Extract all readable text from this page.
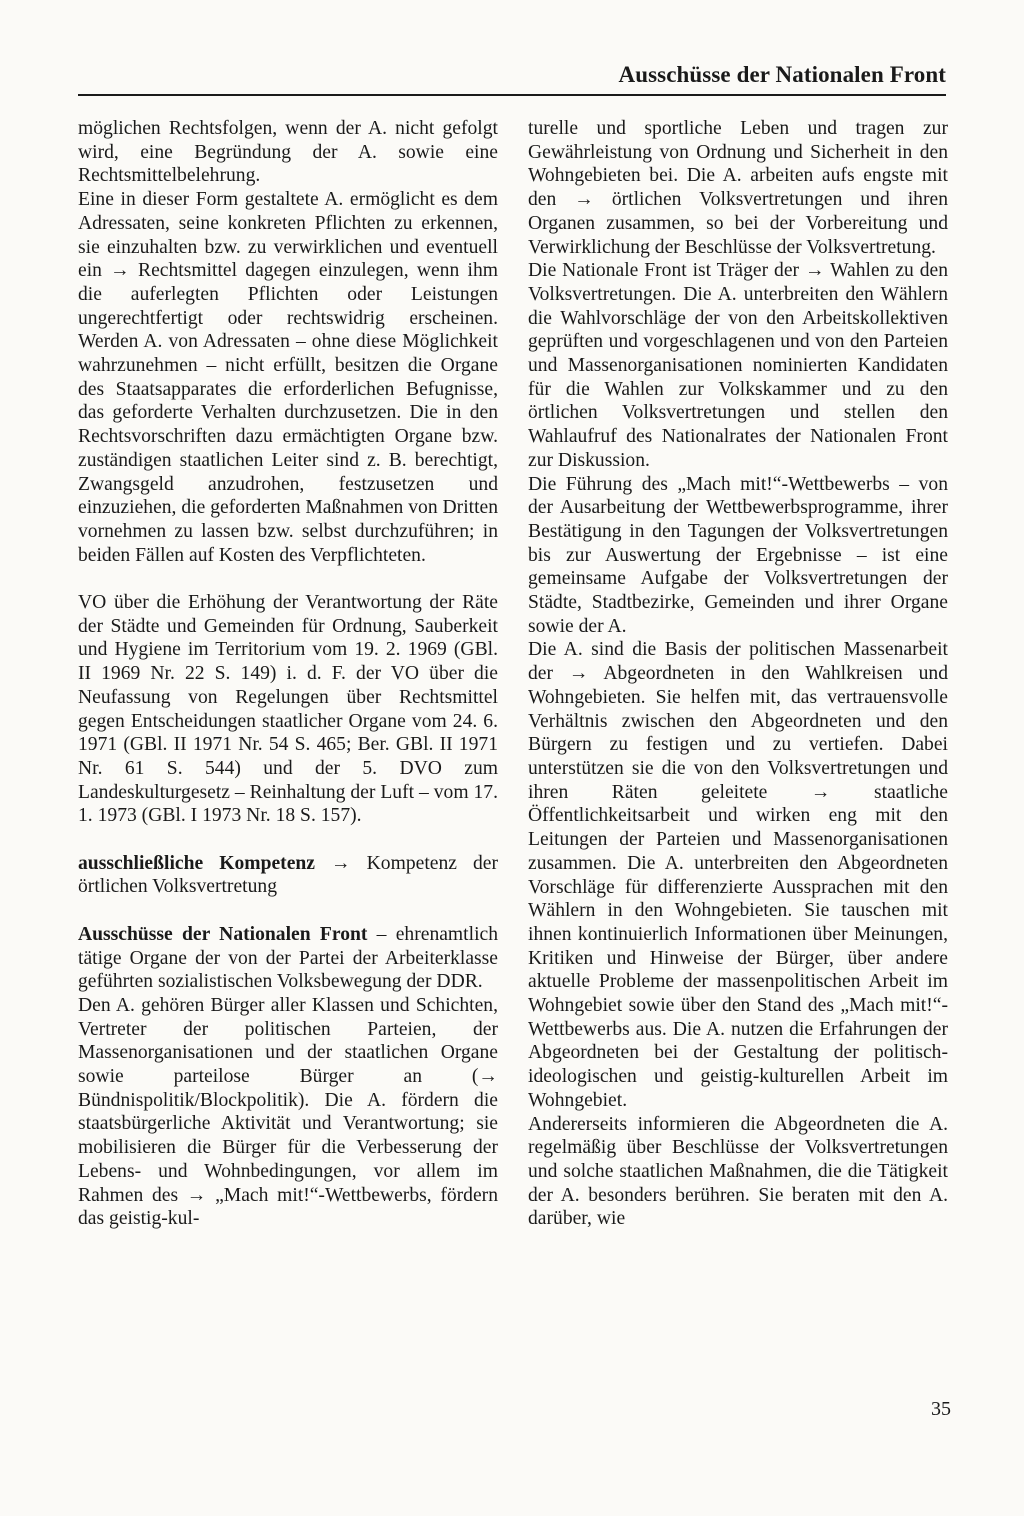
Ausschüsse der Nationalen Front

möglichen Rechtsfolgen, wenn der A. nicht gefolgt wird, eine Begründung der A. sowie eine Rechtsmittelbelehrung.

Eine in dieser Form gestaltete A. ermöglicht es dem Adressaten, seine konkreten Pflichten zu erkennen, sie einzuhalten bzw. zu verwirklichen und eventuell ein → Rechtsmittel dagegen einzulegen, wenn ihm die auferlegten Pflichten oder Leistungen ungerechtfertigt oder rechtswidrig erscheinen. Werden A. von Adressaten – ohne diese Möglichkeit wahrzunehmen – nicht erfüllt, besitzen die Organe des Staatsapparates die erforderlichen Befugnisse, das geforderte Verhalten durchzusetzen. Die in den Rechtsvorschriften dazu ermächtigten Organe bzw. zuständigen staatlichen Leiter sind z. B. berechtigt, Zwangsgeld anzudrohen, festzusetzen und einzuziehen, die geforderten Maßnahmen von Dritten vornehmen zu lassen bzw. selbst durchzuführen; in beiden Fällen auf Kosten des Verpflichteten.

VO über die Erhöhung der Verantwortung der Räte der Städte und Gemeinden für Ordnung, Sauberkeit und Hygiene im Territorium vom 19. 2. 1969 (GBl. II 1969 Nr. 22 S. 149) i. d. F. der VO über die Neufassung von Regelungen über Rechtsmittel gegen Entscheidungen staatlicher Organe vom 24. 6. 1971 (GBl. II 1971 Nr. 54 S. 465; Ber. GBl. II 1971 Nr. 61 S. 544) und der 5. DVO zum Landeskulturgesetz – Reinhaltung der Luft – vom 17. 1. 1973 (GBl. I 1973 Nr. 18 S. 157).

ausschließliche Kompetenz → Kompetenz der örtlichen Volksvertretung

Ausschüsse der Nationalen Front – ehrenamtlich tätige Organe der von der Partei der Arbeiterklasse geführten sozialistischen Volksbewegung der DDR.

Den A. gehören Bürger aller Klassen und Schichten, Vertreter der politischen Parteien, der Massenorganisationen und der staatlichen Organe sowie parteilose Bürger an (→ Bündnispolitik/Blockpolitik). Die A. fördern die staatsbürgerliche Aktivität und Verantwortung; sie mobilisieren die Bürger für die Verbesserung der Lebens- und Wohnbedingungen, vor allem im Rahmen des → „Mach mit!“-Wettbewerbs, fördern das geistig-kul-

turelle und sportliche Leben und tragen zur Gewährleistung von Ordnung und Sicherheit in den Wohngebieten bei. Die A. arbeiten aufs engste mit den → örtlichen Volksvertretungen und ihren Organen zusammen, so bei der Vorbereitung und Verwirklichung der Beschlüsse der Volksvertretung.

Die Nationale Front ist Träger der → Wahlen zu den Volksvertretungen. Die A. unterbreiten den Wählern die Wahlvorschläge der von den Arbeitskollektiven geprüften und vorgeschlagenen und von den Parteien und Massenorganisationen nominierten Kandidaten für die Wahlen zur Volkskammer und zu den örtlichen Volksvertretungen und stellen den Wahlaufruf des Nationalrates der Nationalen Front zur Diskussion.

Die Führung des „Mach mit!“-Wettbewerbs – von der Ausarbeitung der Wettbewerbsprogramme, ihrer Bestätigung in den Tagungen der Volksvertretungen bis zur Auswertung der Ergebnisse – ist eine gemeinsame Aufgabe der Volksvertretungen der Städte, Stadtbezirke, Gemeinden und ihrer Organe sowie der A.

Die A. sind die Basis der politischen Massenarbeit der → Abgeordneten in den Wahlkreisen und Wohngebieten. Sie helfen mit, das vertrauensvolle Verhältnis zwischen den Abgeordneten und den Bürgern zu festigen und zu vertiefen. Dabei unterstützen sie die von den Volksvertretungen und ihren Räten geleitete → staatliche Öffentlichkeitsarbeit und wirken eng mit den Leitungen der Parteien und Massenorganisationen zusammen. Die A. unterbreiten den Abgeordneten Vorschläge für differenzierte Aussprachen mit den Wählern in den Wohngebieten. Sie tauschen mit ihnen kontinuierlich Informationen über Meinungen, Kritiken und Hinweise der Bürger, über andere aktuelle Probleme der massenpolitischen Arbeit im Wohngebiet sowie über den Stand des „Mach mit!“-Wettbewerbs aus. Die A. nutzen die Erfahrungen der Abgeordneten bei der Gestaltung der politisch-ideologischen und geistig-kulturellen Arbeit im Wohngebiet.

Andererseits informieren die Abgeordneten die A. regelmäßig über Beschlüsse der Volksvertretungen und solche staatlichen Maßnahmen, die die Tätigkeit der A. besonders berühren. Sie beraten mit den A. darüber, wie

35
